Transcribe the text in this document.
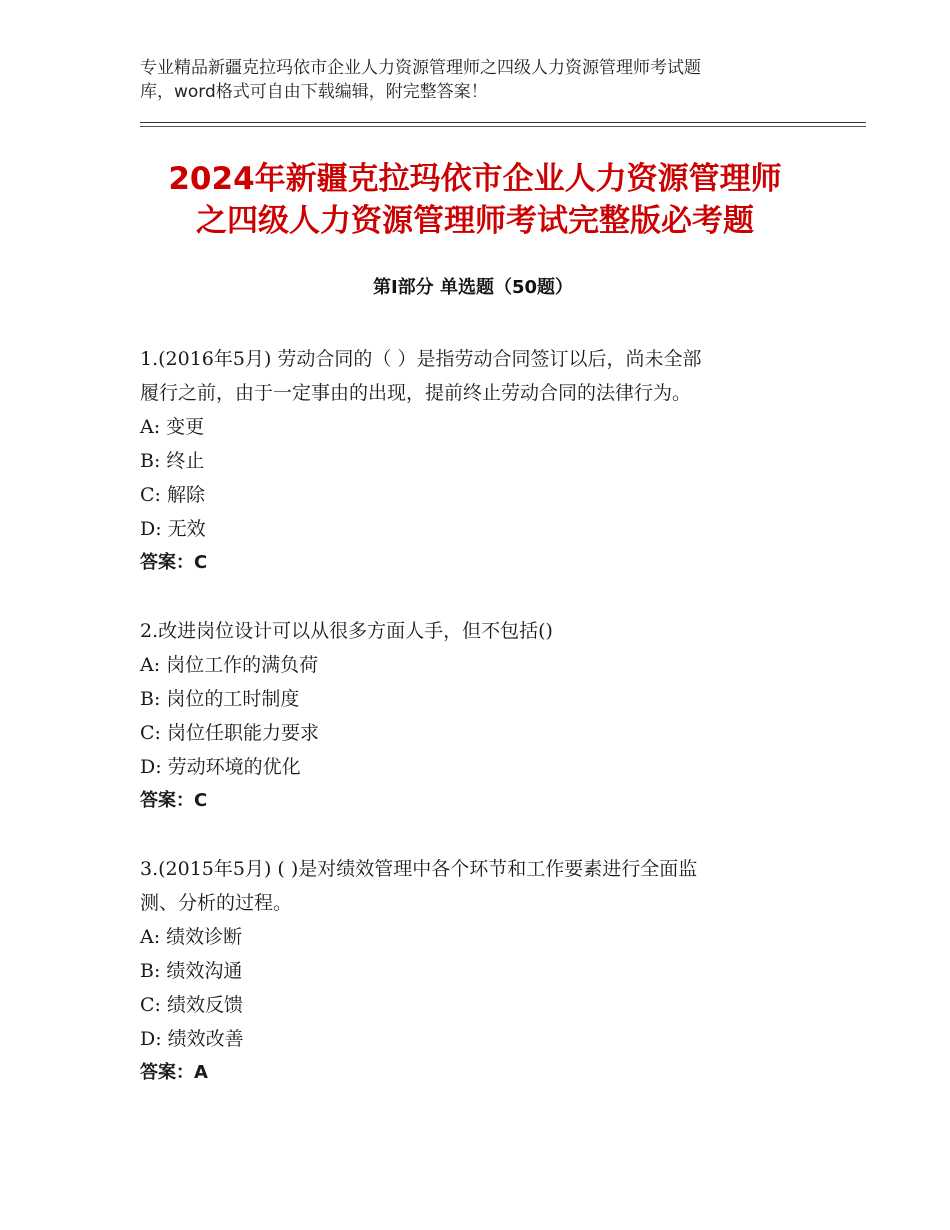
专业精品新疆克拉玛依市企业人力资源管理师之四级人力资源管理师考试题
库，word格式可自由下载编辑，附完整答案！
2024年新疆克拉玛依市企业人力资源管理师
之四级人力资源管理师考试完整版必考题
第Ⅰ部分 单选题（50题）
1.(2016年5月) 劳动合同的（ ）是指劳动合同签订以后，尚未全部
履行之前，由于一定事由的出现，提前终止劳动合同的法律行为。
A: 变更
B: 终止
C: 解除
D: 无效
答案：C
2.改进岗位设计可以从很多方面人手，但不包括()
A: 岗位工作的满负荷
B: 岗位的工时制度
C: 岗位任职能力要求
D: 劳动环境的优化
答案：C
3.(2015年5月) ( )是对绩效管理中各个环节和工作要素进行全面监
测、分析的过程。
A: 绩效诊断
B: 绩效沟通
C: 绩效反馈
D: 绩效改善
答案：A
